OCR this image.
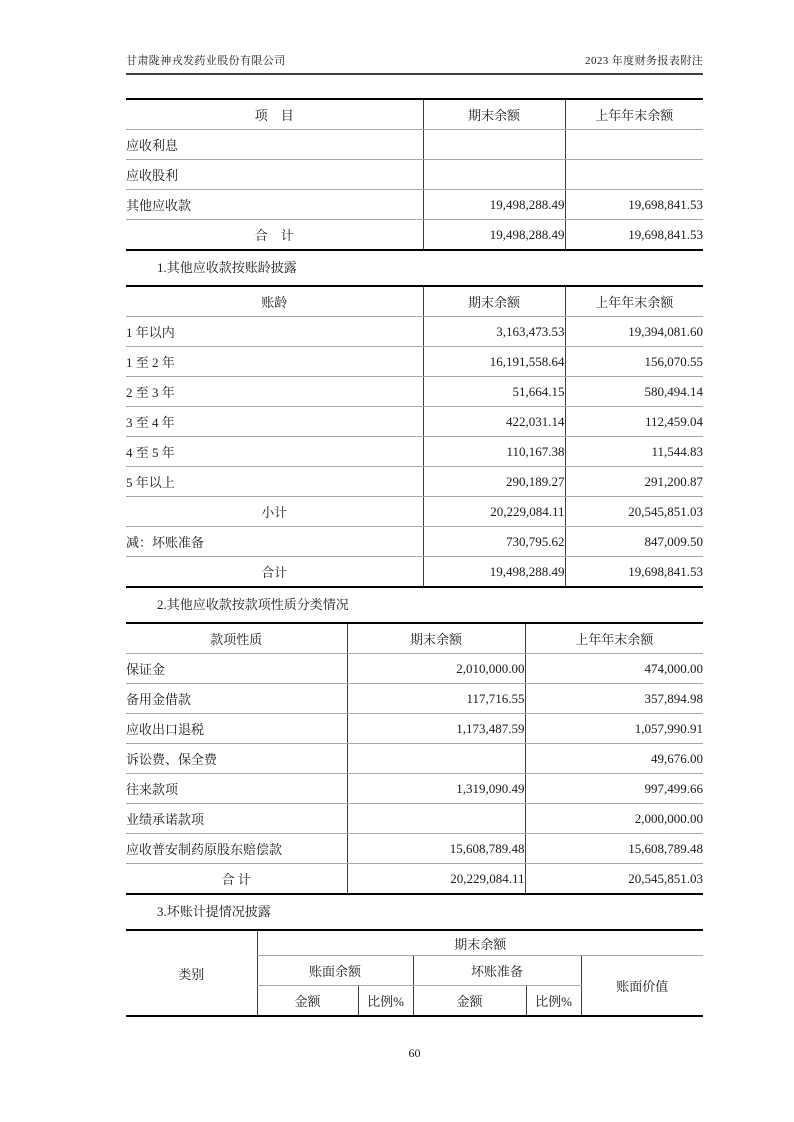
甘肃陇神戎发药业股份有限公司	2023 年度财务报表附注
项　目	期末余额	上年年末余额
应收利息		
应收股利		
其他应收款	19,498,288.49	19,698,841.53
合　计	19,498,288.49	19,698,841.53
1.其他应收款按账龄披露
账龄	期末余额	上年年末余额
1 年以内	3,163,473.53	19,394,081.60
1 至 2 年	16,191,558.64	156,070.55
2 至 3 年	51,664.15	580,494.14
3 至 4 年	422,031.14	112,459.04
4 至 5 年	110,167.38	11,544.83
5 年以上	290,189.27	291,200.87
小计	20,229,084.11	20,545,851.03
减：坏账准备	730,795.62	847,009.50
合计	19,498,288.49	19,698,841.53
2.其他应收款按款项性质分类情况
款项性质	期末余额	上年年末余额
保证金	2,010,000.00	474,000.00
备用金借款	117,716.55	357,894.98
应收出口退税	1,173,487.59	1,057,990.91
诉讼费、保全费		49,676.00
往来款项	1,319,090.49	997,499.66
业绩承诺款项		2,000,000.00
应收普安制药原股东赔偿款	15,608,789.48	15,608,789.48
合 计	20,229,084.11	20,545,851.03
3.坏账计提情况披露
类别	期末余额				
	账面余额		坏账准备		账面价值
	金额	比例%	金额	比例%	
60
